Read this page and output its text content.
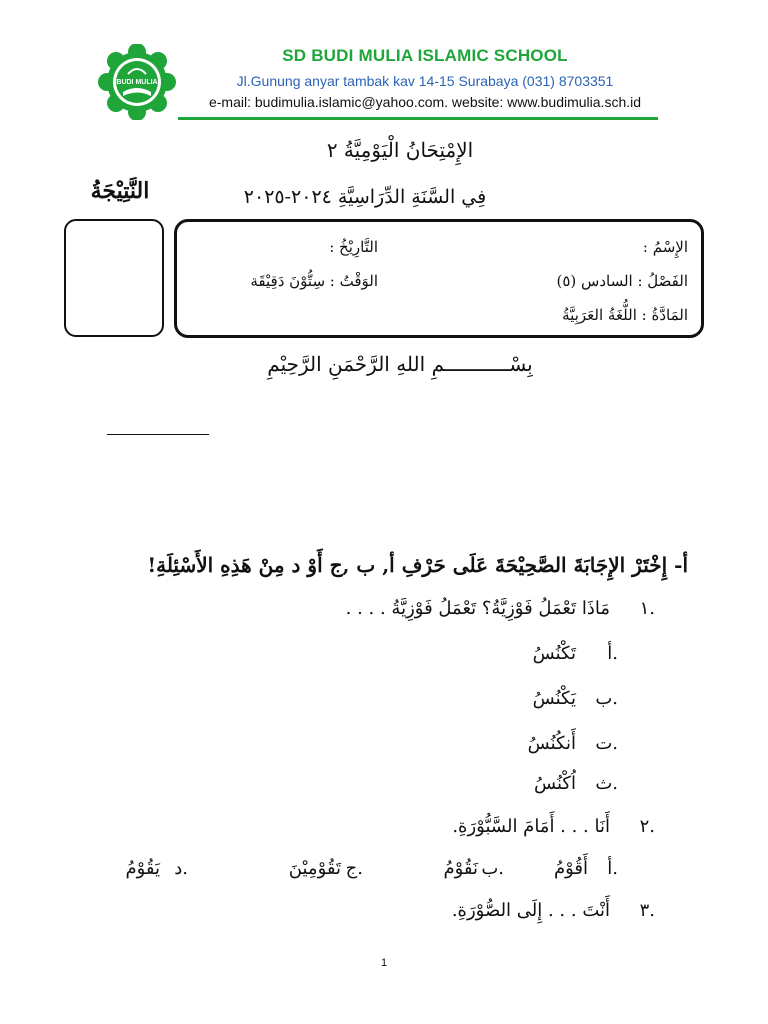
BUDI MULIA
SD BUDI MULIA ISLAMIC SCHOOL
Jl.Gunung anyar tambak kav 14-15 Surabaya (031) 8703351
e-mail: budimulia.islamic@yahoo.com. website: www.budimulia.sch.id
الإِمْتِحَانُ الْيَوْمِيَّةُ ٢
فِي السَّنَةِ الدِّرَاسِيَّةِ ٢٠٢٤-٢٠٢٥
النَّتِيْجَةُ
الإِسْمُ :
التَّارِيْخُ :
الفَصْلُ : السادس (٥)
الوَقْتُ : سِتُّوْنَ دَقِيْقَة
المَادَّةُ : اللُّغَةُ العَرَبِيَّةُ
بِسْـــــــــــمِ اللهِ الرَّحْمَنِ الرَّحِيْمِ
أ- إِخْتَرْ الإِجَابَةَ الصَّحِيْحَةَ عَلَى حَرْفِ أ, ب ,ج أَوْ د مِنْ هَذِهِ الأَسْئِلَةِ!
١.
مَاذَا تَعْمَلُ فَوْزِيَّةُ؟ تَعْمَلُ فَوْزِيَّةُ . . . .
أ.
تَكْنُسُ
ب.
يَكْنُسُ
ت.
أَنكُنُسُ
ث.
اُكْنُسُ
٢.
أَنَا . . . أَمَامَ السَّبُّوْرَةِ.
أ.
أَقُوْمُ
ب.
نَقُوْمُ
ج.
تَقُوْمِيْنَ
د.
يَقُوْمُ
٣.
أَنْتَ . . . إِلَى الصُّوْرَةِ.
1
